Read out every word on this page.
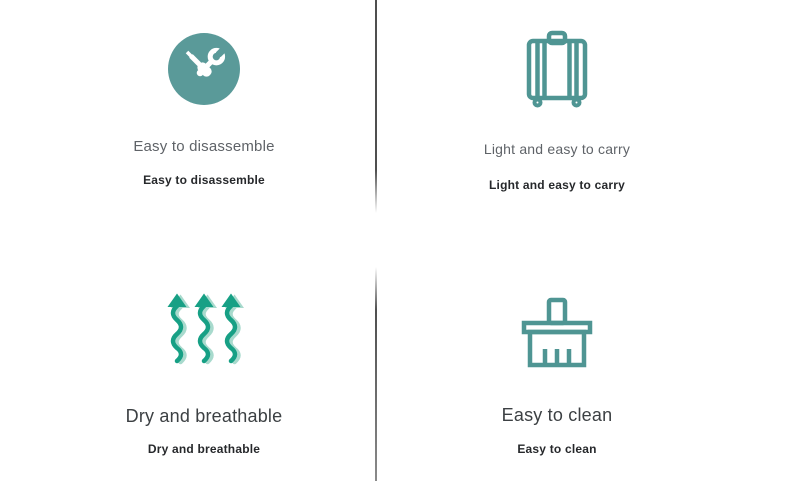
Easy to disassemble
Easy to disassemble
Light and easy to carry
Light and easy to carry
Dry and breathable
Dry and breathable
Easy to clean
Easy to clean
